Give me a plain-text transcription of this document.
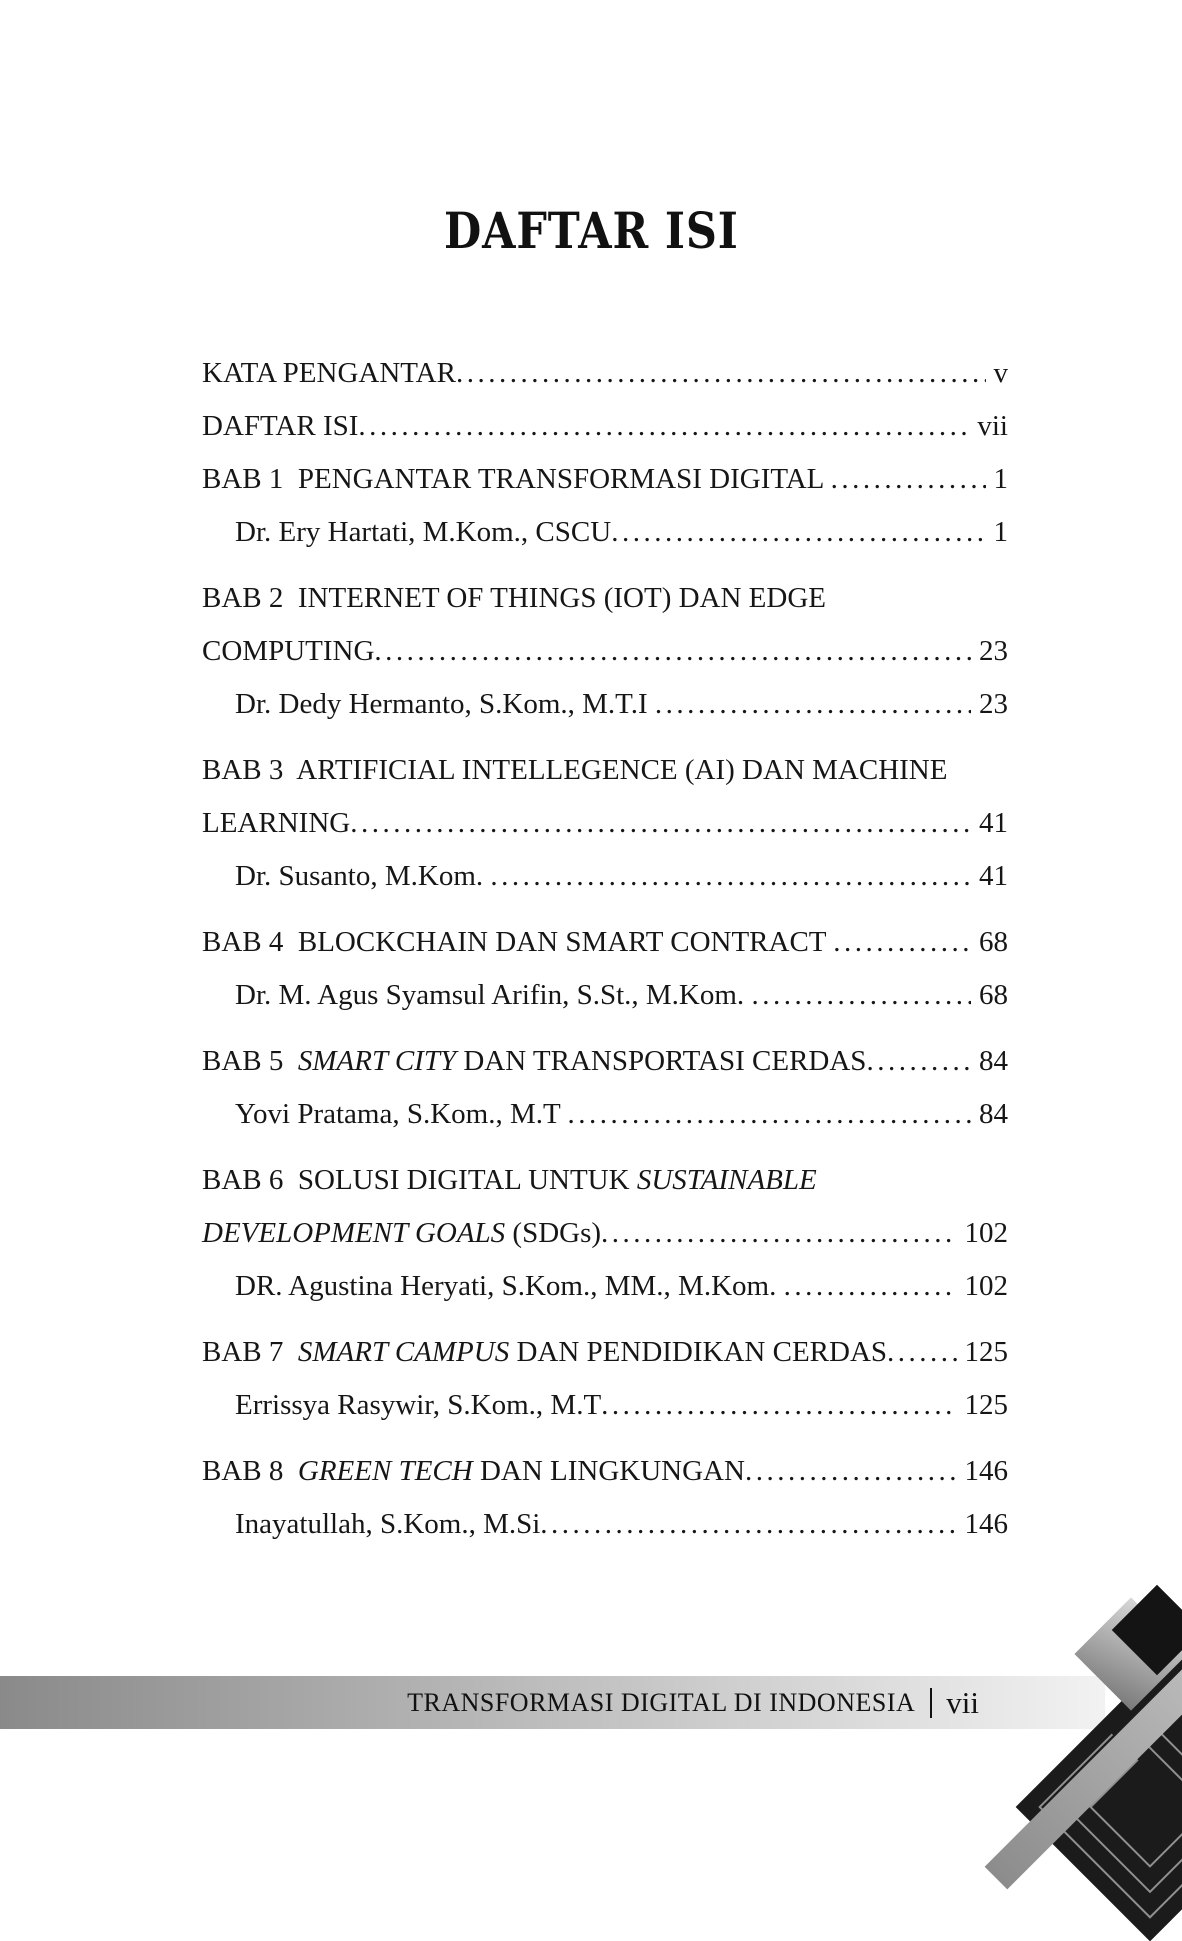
DAFTAR ISI
KATA PENGANTAR .....	v
DAFTAR ISI .....	vii
BAB 1  PENGANTAR TRANSFORMASI DIGITAL .....	1
Dr. Ery Hartati, M.Kom., CSCU .....	1
BAB 2  INTERNET OF THINGS (IOT) DAN EDGE
COMPUTING .....	23
Dr. Dedy Hermanto, S.Kom., M.T.I .....	23
BAB 3  ARTIFICIAL INTELLEGENCE (AI) DAN MACHINE
LEARNING .....	41
Dr. Susanto, M.Kom. .....	41
BAB 4  BLOCKCHAIN DAN SMART CONTRACT .....	68
Dr. M. Agus Syamsul Arifin, S.St., M.Kom. .....	68
BAB 5  SMART CITY DAN TRANSPORTASI CERDAS .....	84
Yovi Pratama, S.Kom., M.T .....	84
BAB 6  SOLUSI DIGITAL UNTUK SUSTAINABLE
DEVELOPMENT GOALS (SDGs) .....	102
DR. Agustina Heryati, S.Kom., MM., M.Kom. .....	102
BAB 7  SMART CAMPUS DAN PENDIDIKAN CERDAS .....	125
Errissya Rasywir, S.Kom., M.T .....	125
BAB 8  GREEN TECH DAN LINGKUNGAN .....	146
Inayatullah, S.Kom., M.Si .....	146
TRANSFORMASI DIGITAL DI INDONESIA vii
